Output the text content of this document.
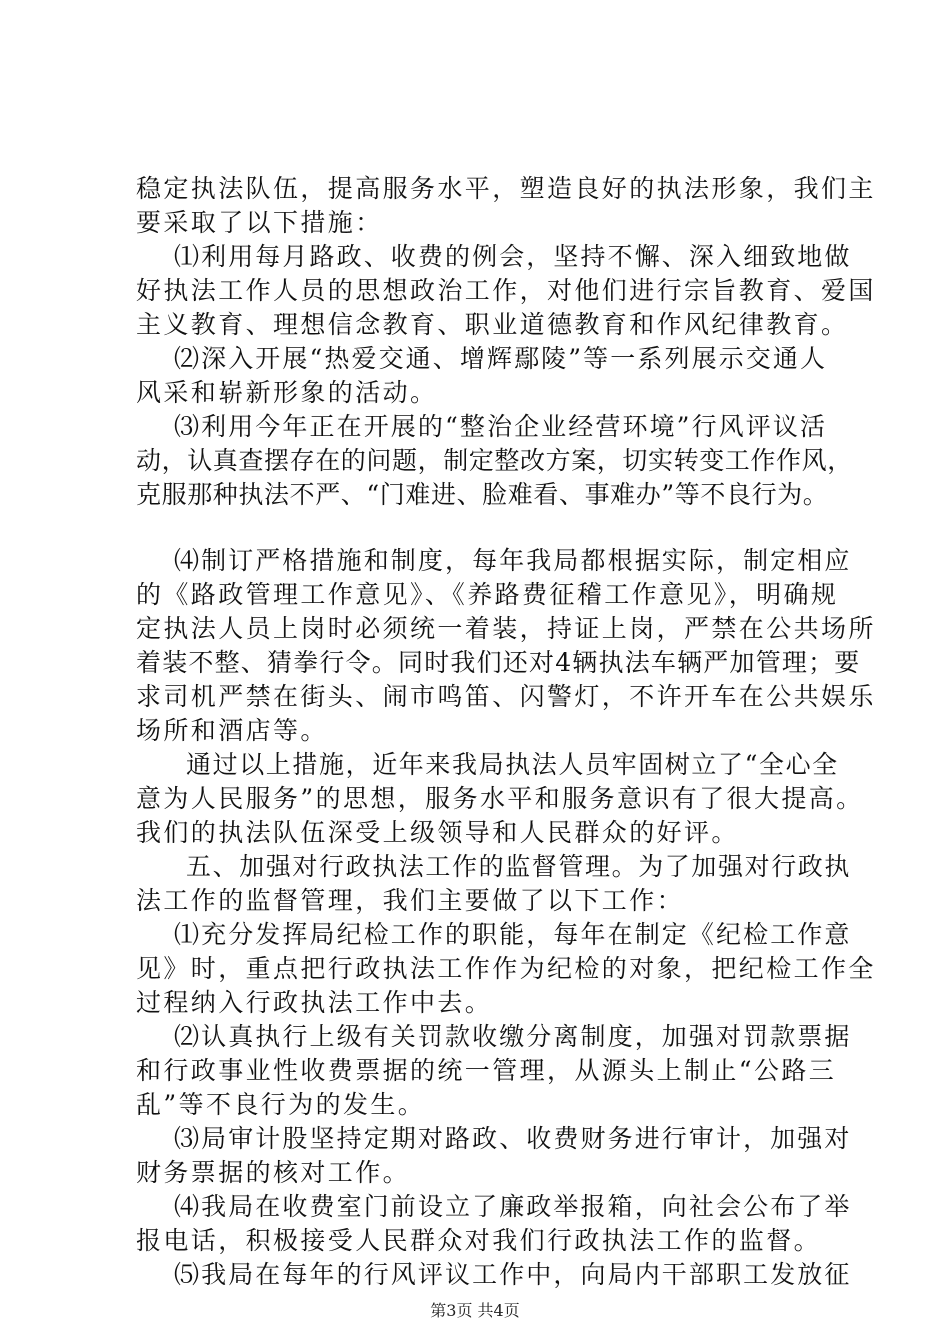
稳定执法队伍，提高服务水平，塑造良好的执法形象，我们主
要采取了以下措施：
⑴利用每月路政、收费的例会，坚持不懈、深入细致地做
好执法工作人员的思想政治工作，对他们进行宗旨教育、爱国
主义教育、理想信念教育、职业道德教育和作风纪律教育。
⑵深入开展“热爱交通、增辉鄢陵”等一系列展示交通人
风采和崭新形象的活动。
⑶利用今年正在开展的“整治企业经营环境”行风评议活
动，认真查摆存在的问题，制定整改方案，切实转变工作作风，
克服那种执法不严、“门难进、脸难看、事难办”等不良行为。
⑷制订严格措施和制度，每年我局都根据实际，制定相应
的《路政管理工作意见》、《养路费征稽工作意见》，明确规
定执法人员上岗时必须统一着装，持证上岗，严禁在公共场所
着装不整、猜拳行令。同时我们还对4辆执法车辆严加管理；要
求司机严禁在街头、闹市鸣笛、闪警灯，不许开车在公共娱乐
场所和酒店等。
通过以上措施，近年来我局执法人员牢固树立了“全心全
意为人民服务”的思想，服务水平和服务意识有了很大提高。
我们的执法队伍深受上级领导和人民群众的好评。
五、加强对行政执法工作的监督管理。为了加强对行政执
法工作的监督管理，我们主要做了以下工作：
⑴充分发挥局纪检工作的职能，每年在制定《纪检工作意
见》时，重点把行政执法工作作为纪检的对象，把纪检工作全
过程纳入行政执法工作中去。
⑵认真执行上级有关罚款收缴分离制度，加强对罚款票据
和行政事业性收费票据的统一管理，从源头上制止“公路三
乱”等不良行为的发生。
⑶局审计股坚持定期对路政、收费财务进行审计，加强对
财务票据的核对工作。
⑷我局在收费室门前设立了廉政举报箱，向社会公布了举
报电话，积极接受人民群众对我们行政执法工作的监督。
⑸我局在每年的行风评议工作中，向局内干部职工发放征
第3页 共4页
